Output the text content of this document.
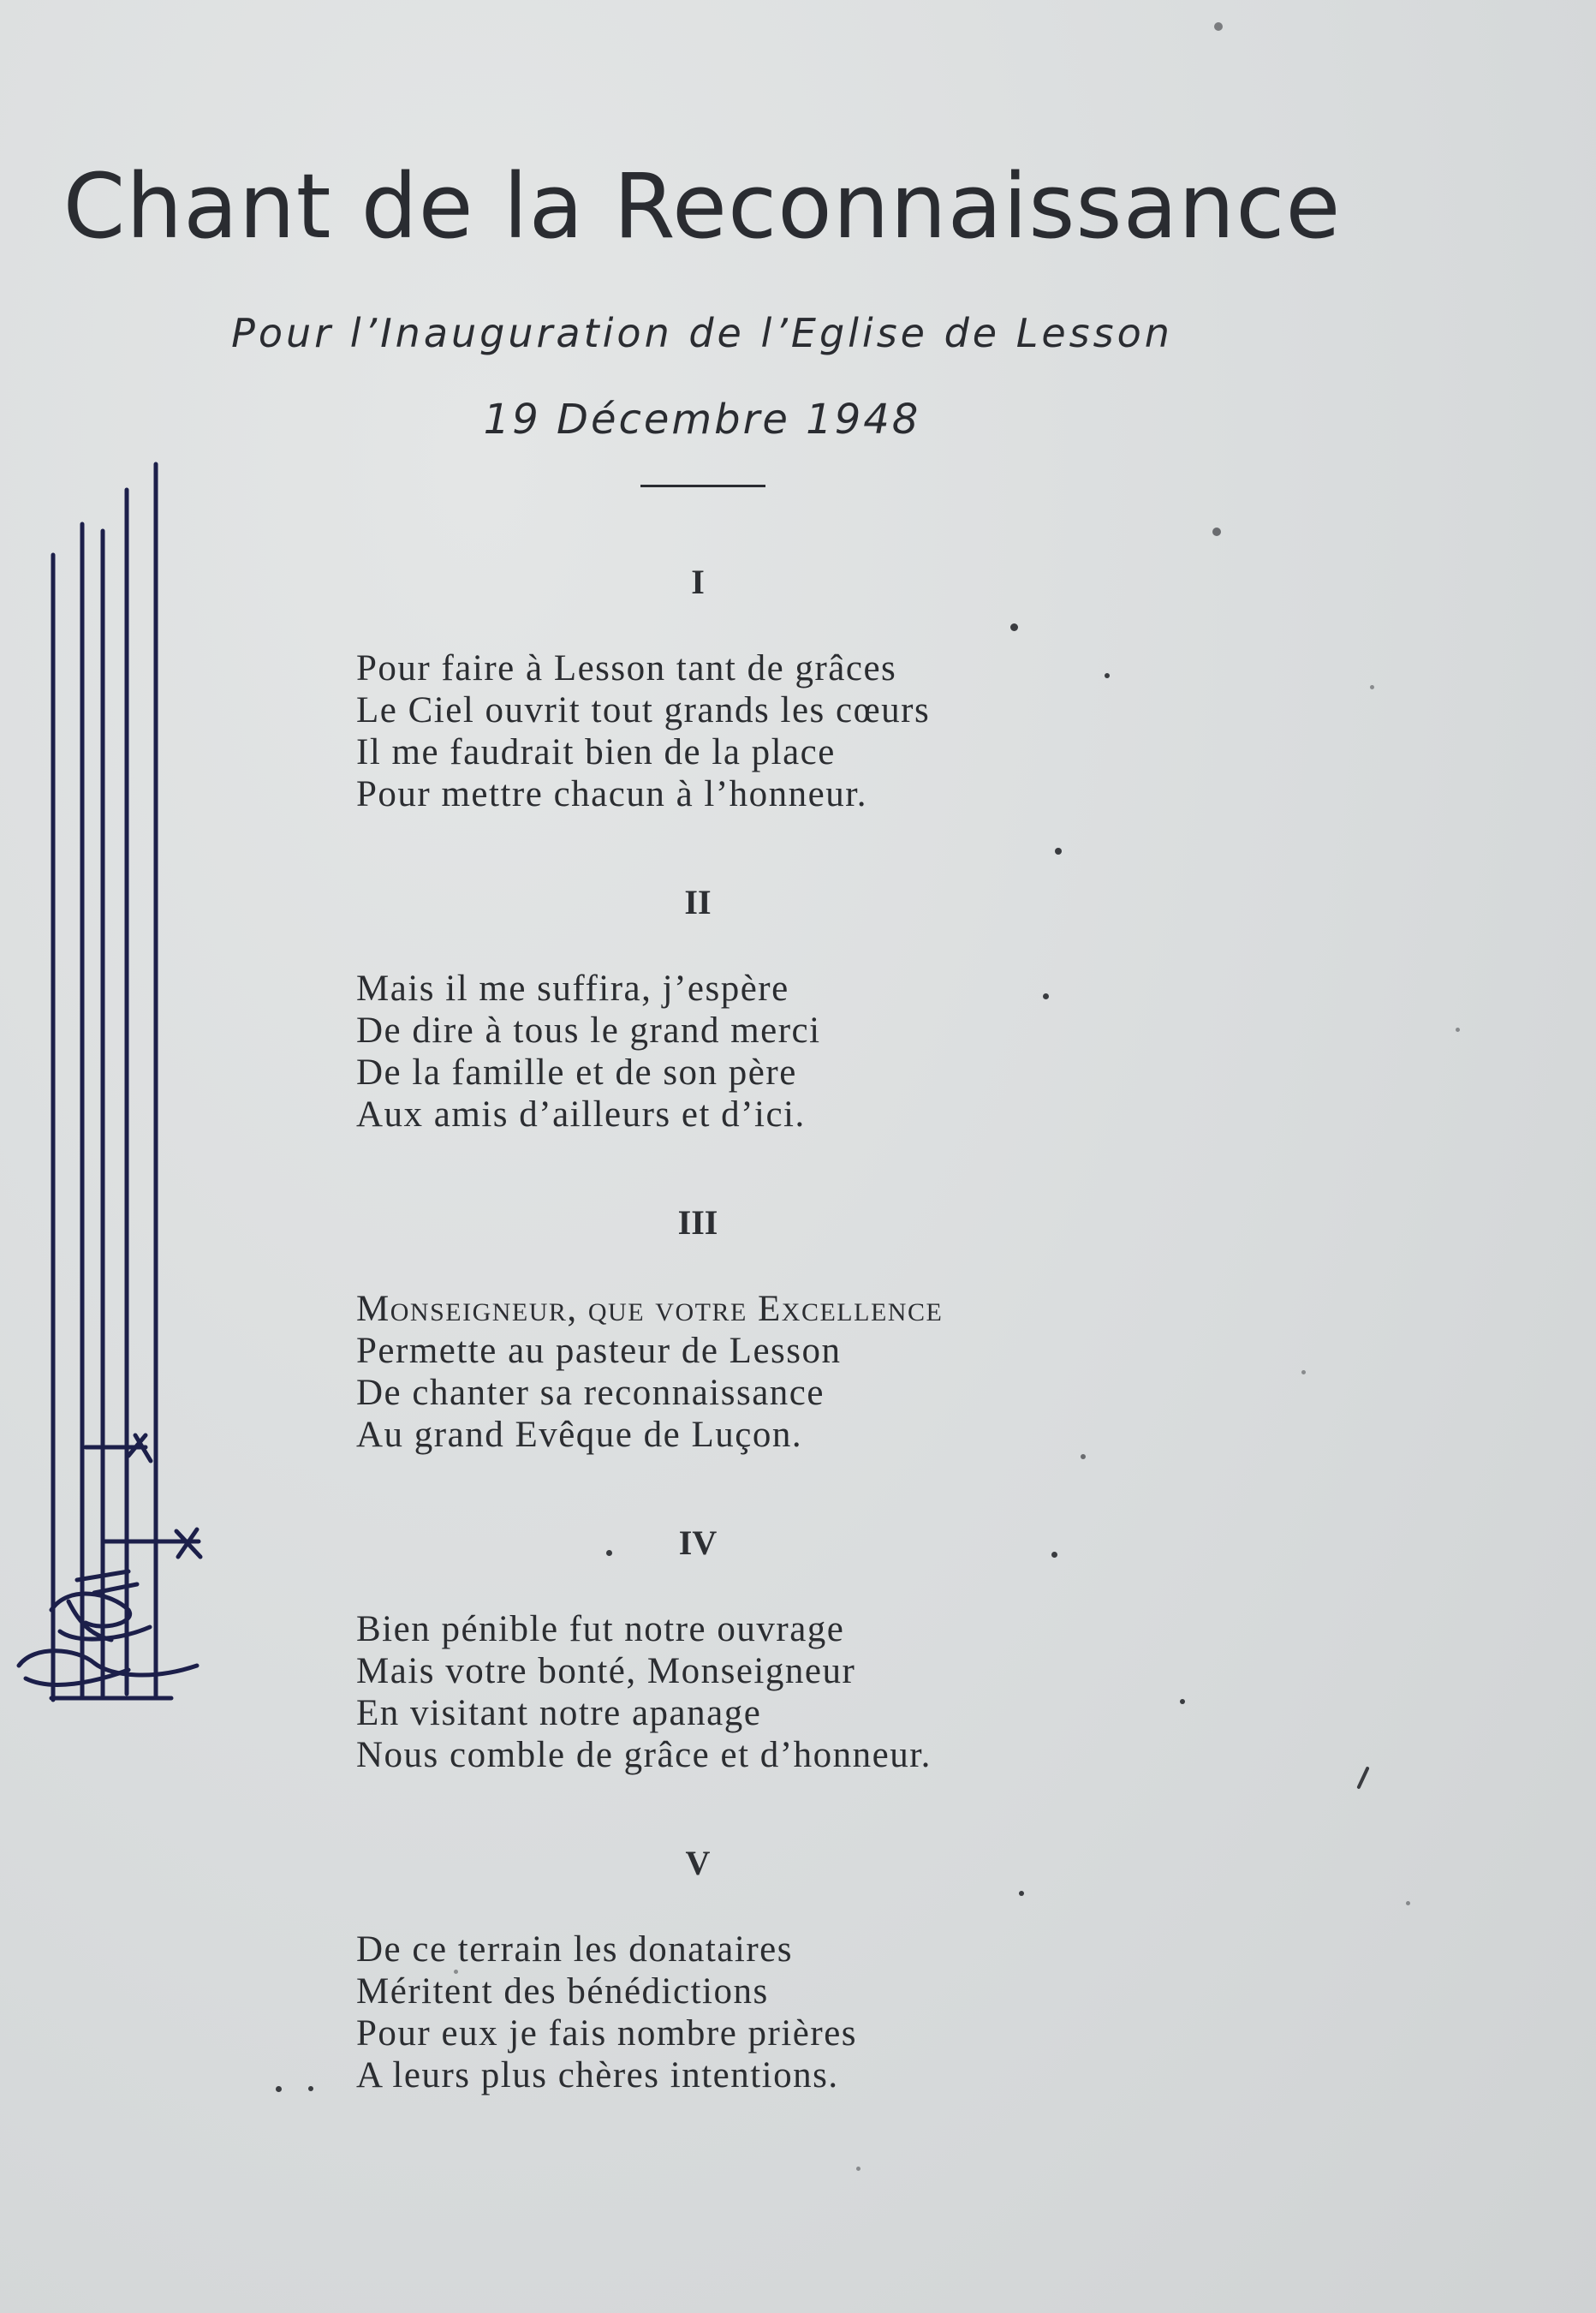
Chant de la Reconnaissance
Pour l’Inauguration de l’Eglise de Lesson
19 Décembre 1948
I
Pour faire à Lesson tant de grâces
Le Ciel ouvrit tout grands les cœurs
Il me faudrait bien de la place
Pour mettre chacun à l’honneur.
II
Mais il me suffira, j’espère
De dire à tous le grand merci
De la famille et de son père
Aux amis d’ailleurs et d’ici.
III
Monseigneur, que votre Excellence
Permette au pasteur de Lesson
De chanter sa reconnaissance
Au grand Evêque de Luçon.
IV
Bien pénible fut notre ouvrage
Mais votre bonté, Monseigneur
En visitant notre apanage
Nous comble de grâce et d’honneur.
V
De ce terrain les donataires
Méritent des bénédictions
Pour eux je fais nombre prières
A leurs plus chères intentions.
